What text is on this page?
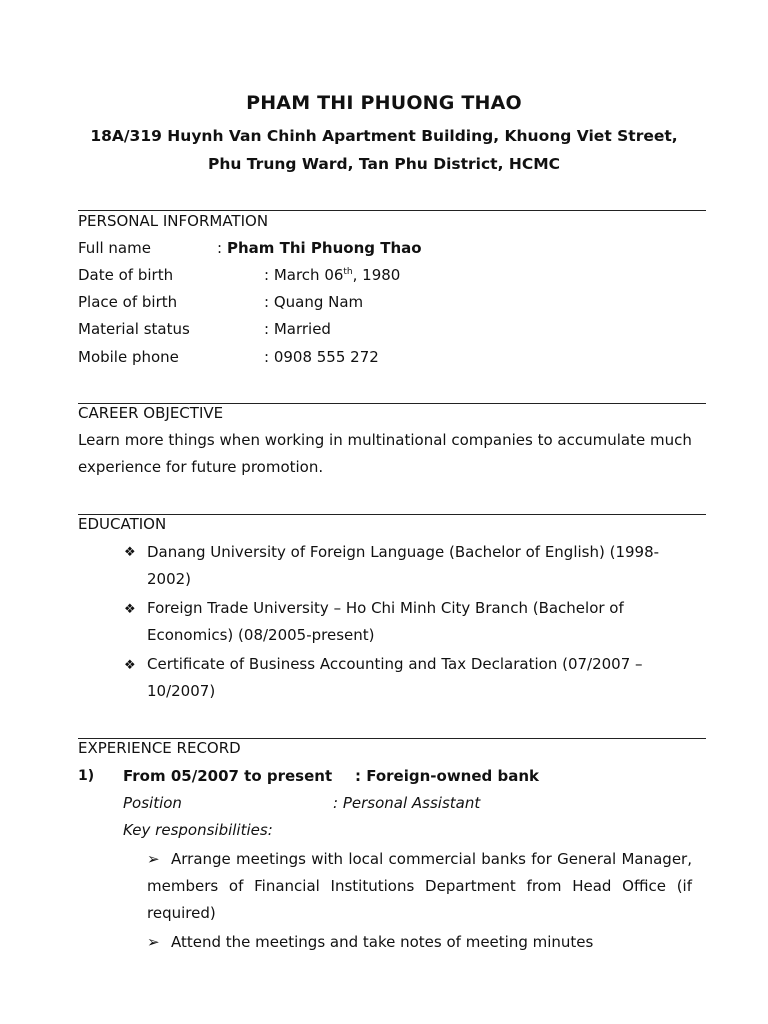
PHAM THI PHUONG THAO
18A/319 Huynh Van Chinh Apartment Building, Khuong Viet Street,
Phu Trung Ward, Tan Phu District, HCMC
PERSONAL INFORMATION
Full name	: Pham Thi Phuong Thao
Date of birth	: March 06th, 1980
Place of birth	: Quang Nam
Material status	: Married
Mobile phone	: 0908 555 272
CAREER OBJECTIVE
Learn more things when working in multinational companies to accumulate much experience for future promotion.
EDUCATION
❖ Danang University of Foreign Language (Bachelor of English) (1998-2002)
❖ Foreign Trade University – Ho Chi Minh City Branch (Bachelor of Economics) (08/2005-present)
❖ Certificate of Business Accounting and Tax Declaration (07/2007 – 10/2007)
EXPERIENCE RECORD
1) From 05/2007 to present : Foreign-owned bank
Position	: Personal Assistant
Key responsibilities:
➢ Arrange meetings with local commercial banks for General Manager, members of Financial Institutions Department from Head Office (if required)
➢ Attend the meetings and take notes of meeting minutes
